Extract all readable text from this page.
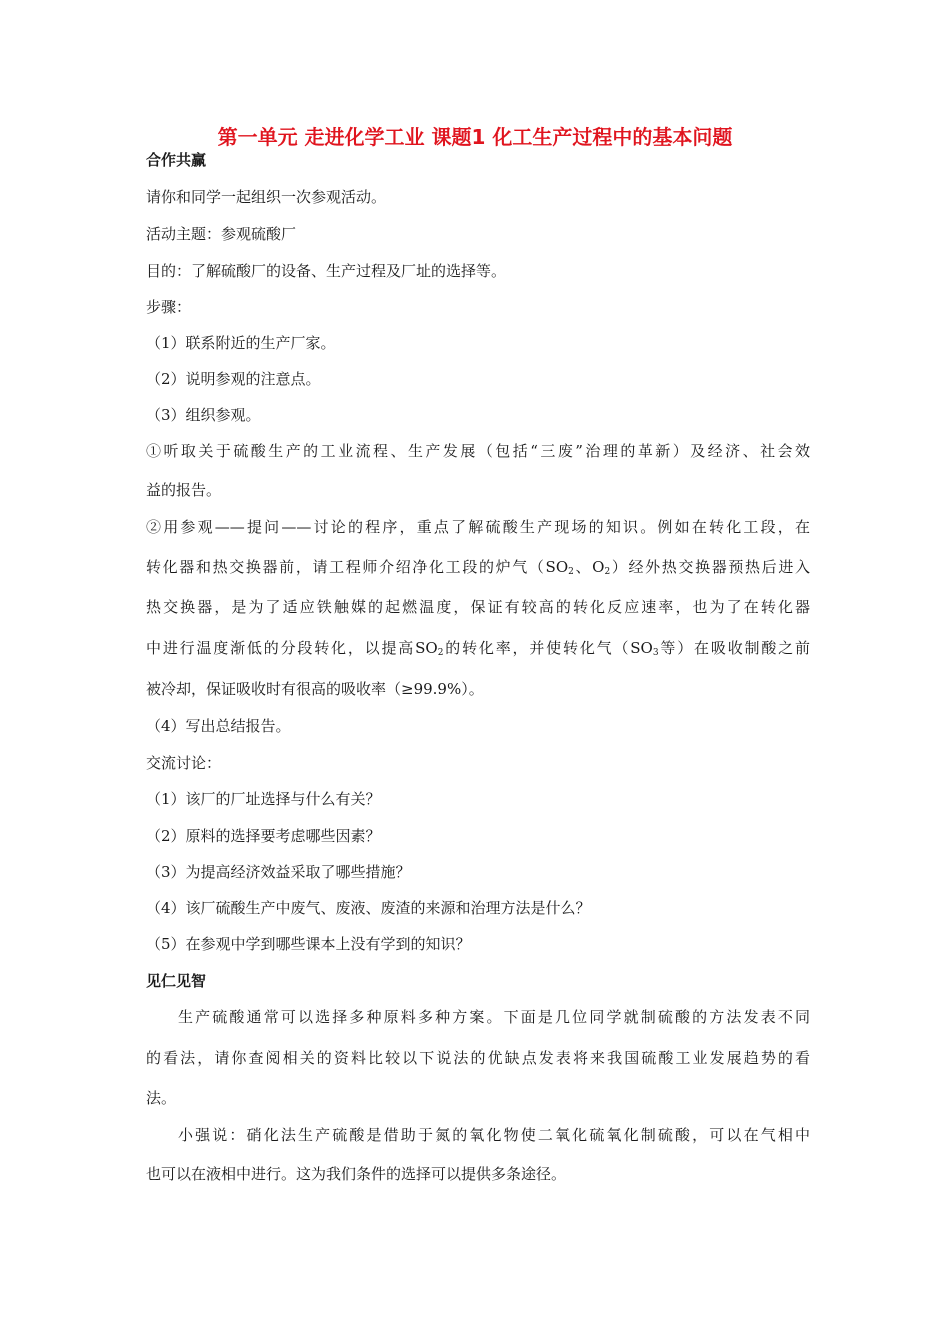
第一单元 走进化学工业 课题1 化工生产过程中的基本问题
合作共赢
请你和同学一起组织一次参观活动。
活动主题：参观硫酸厂
目的：了解硫酸厂的设备、生产过程及厂址的选择等。
步骤：
（1）联系附近的生产厂家。
（2）说明参观的注意点。
（3）组织参观。
①听取关于硫酸生产的工业流程、生产发展（包括“三废”治理的革新）及经济、社会效
益的报告。
②用参观——提问——讨论的程序，重点了解硫酸生产现场的知识。例如在转化工段，在
转化器和热交换器前，请工程师介绍净化工段的炉气（$SO_2$、$O_2$）经外热交换器预热后进入
热交换器，是为了适应铁触媒的起燃温度，保证有较高的转化反应速率，也为了在转化器
中进行温度渐低的分段转化，以提高$SO_2$的转化率，并使转化气（$SO_3$等）在吸收制酸之前
被冷却，保证吸收时有很高的吸收率（≥99.9%）。
（4）写出总结报告。
交流讨论：
（1）该厂的厂址选择与什么有关？
（2）原料的选择要考虑哪些因素？
（3）为提高经济效益采取了哪些措施？
（4）该厂硫酸生产中废气、废液、废渣的来源和治理方法是什么？
（5）在参观中学到哪些课本上没有学到的知识？
见仁见智
生产硫酸通常可以选择多种原料多种方案。下面是几位同学就制硫酸的方法发表不同
的看法，请你查阅相关的资料比较以下说法的优缺点发表将来我国硫酸工业发展趋势的看
法。
小强说：硝化法生产硫酸是借助于氮的氧化物使二氧化硫氧化制硫酸，可以在气相中
也可以在液相中进行。这为我们条件的选择可以提供多条途径。
